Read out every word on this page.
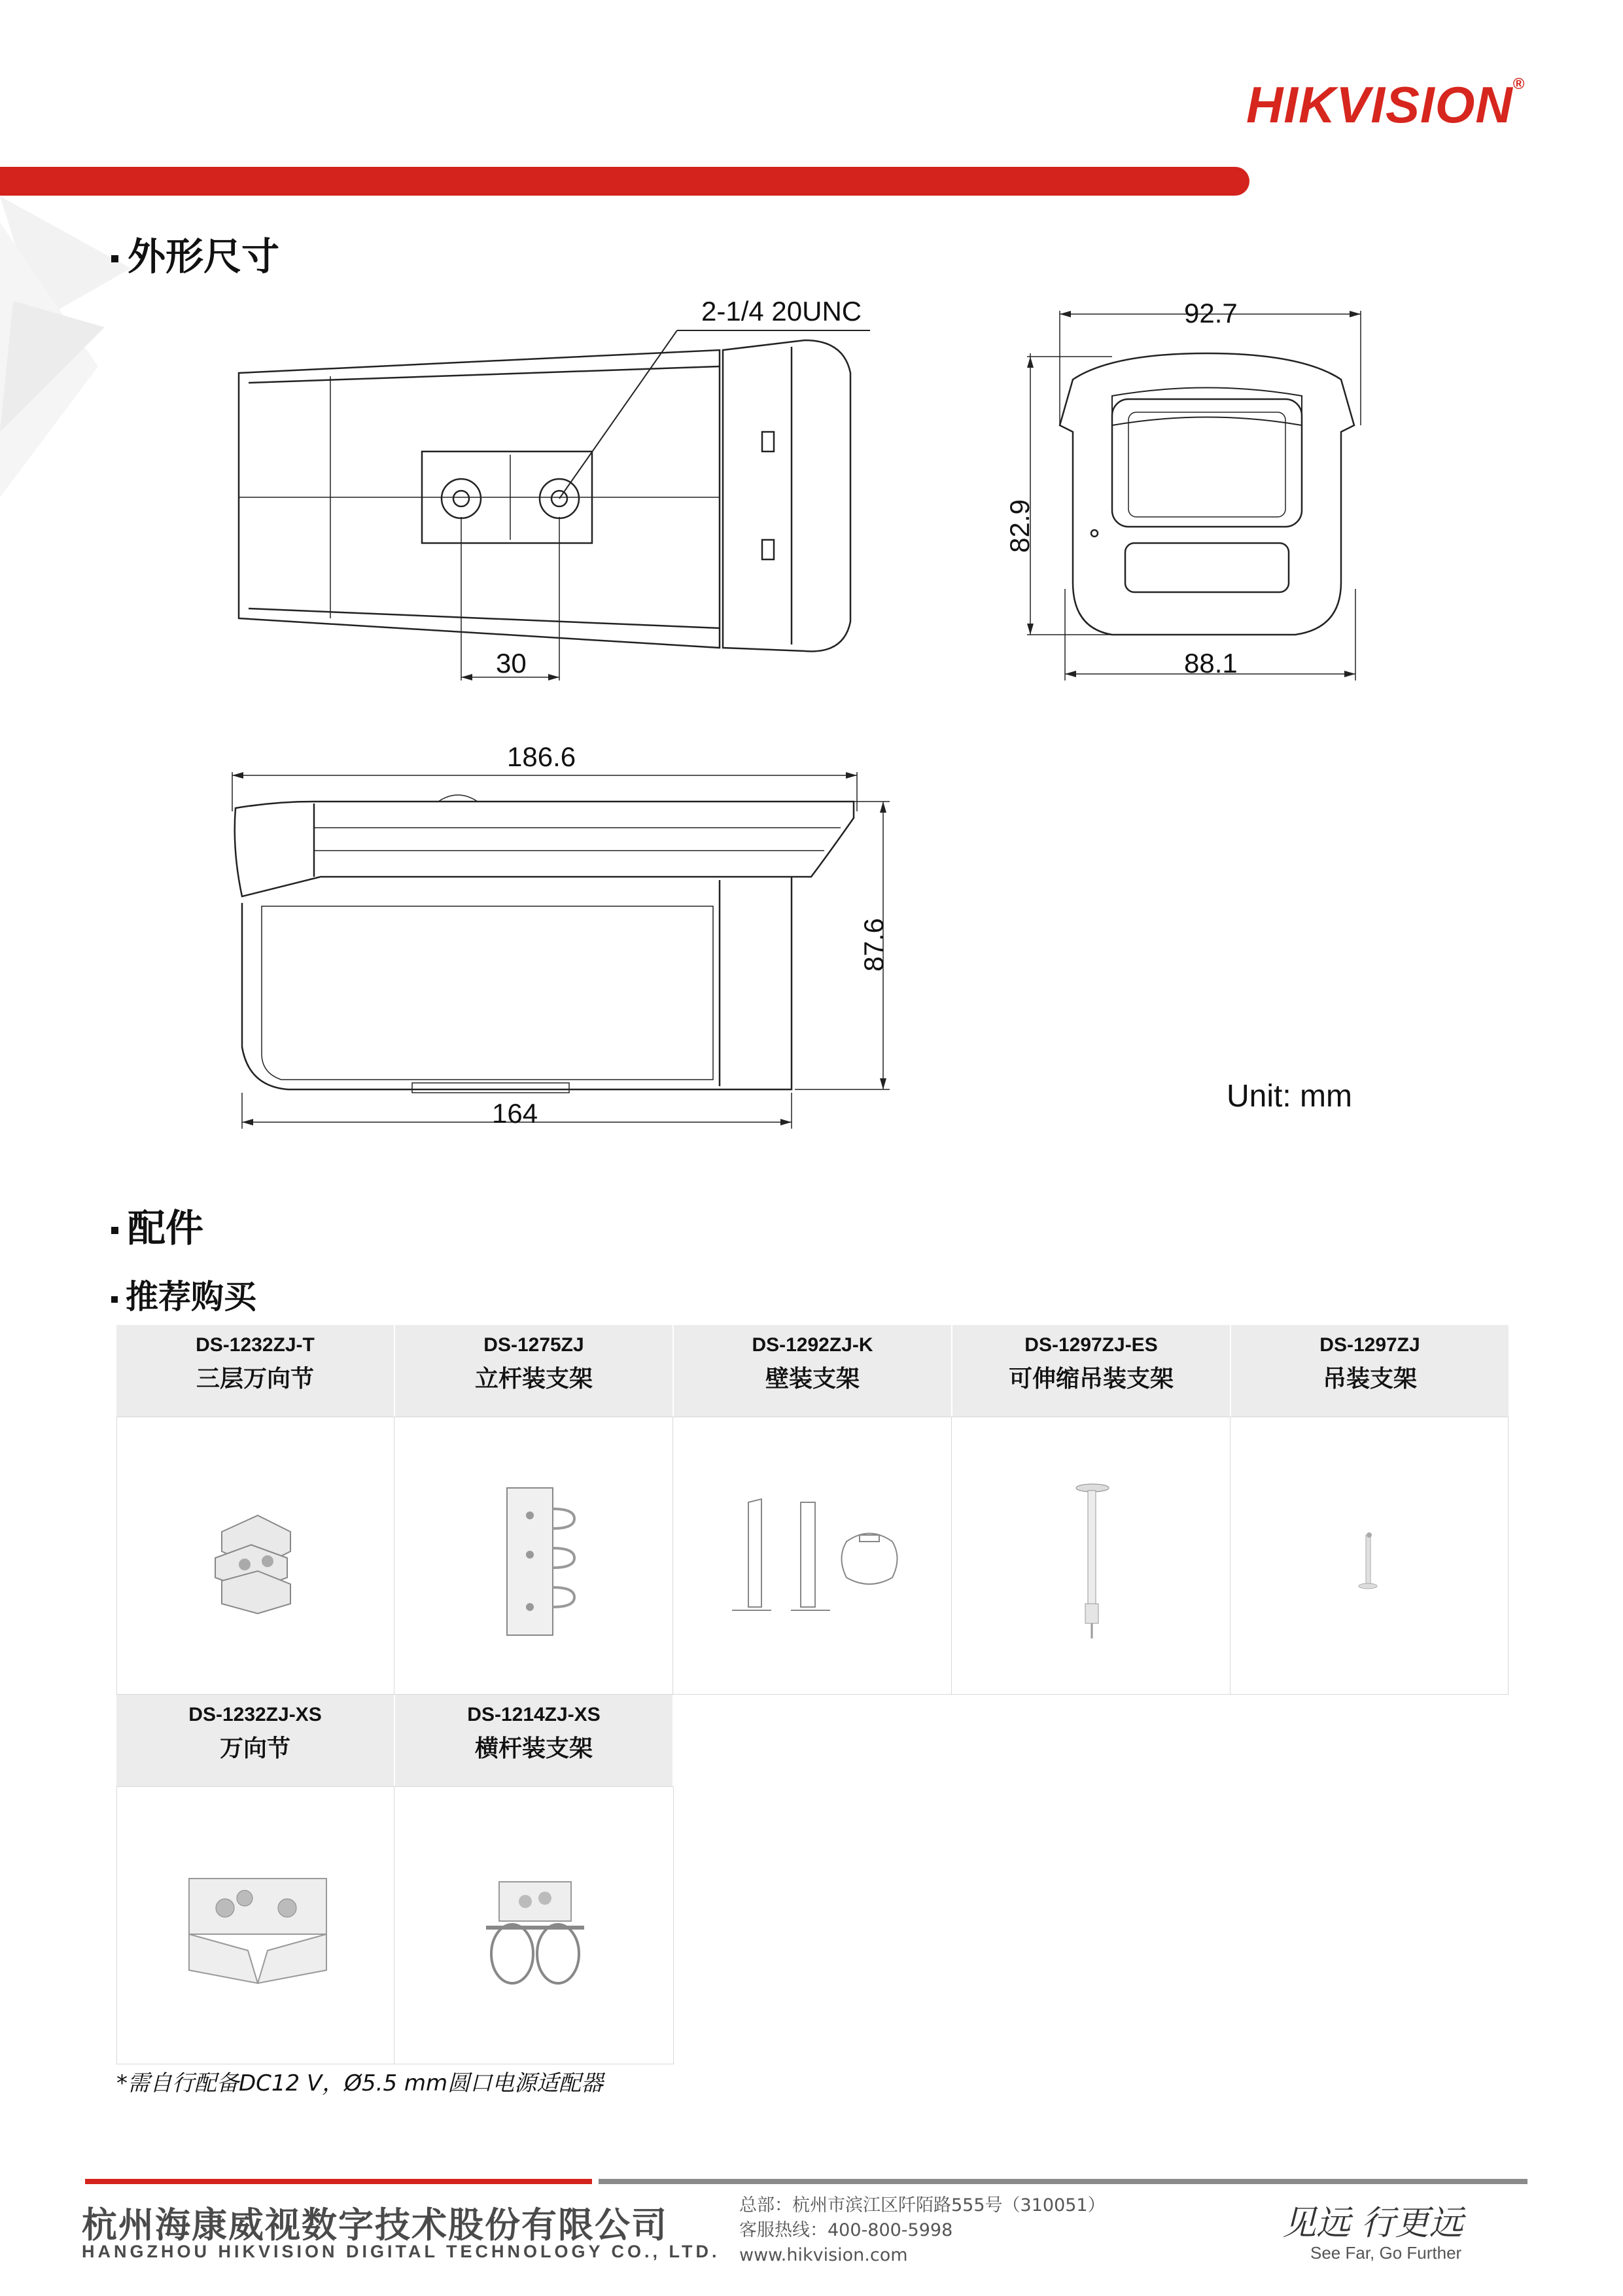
HIKVISION®
外形尺寸
2-1/4 20UNC
30
92.7
82.9
88.1
186.6
87.6
164	Unit: mm
配件
推荐购买
DS-1232ZJ-T
三层万向节
DS-1275ZJ
立杆装支架
DS-1292ZJ-K
壁装支架
DS-1297ZJ-ES
可伸缩吊装支架
DS-1297ZJ
吊装支架
DS-1232ZJ-XS
万向节
DS-1214ZJ-XS
横杆装支架
*需自行配备DC12 V，Ø5.5 mm圆口电源适配器
杭州海康威视数字技术股份有限公司
HANGZHOU HIKVISION DIGITAL TECHNOLOGY CO., LTD.
总部：杭州市滨江区阡陌路555号（310051）
客服热线：400-800-5998
www.hikvision.com
见远 行更远
See Far, Go Further
